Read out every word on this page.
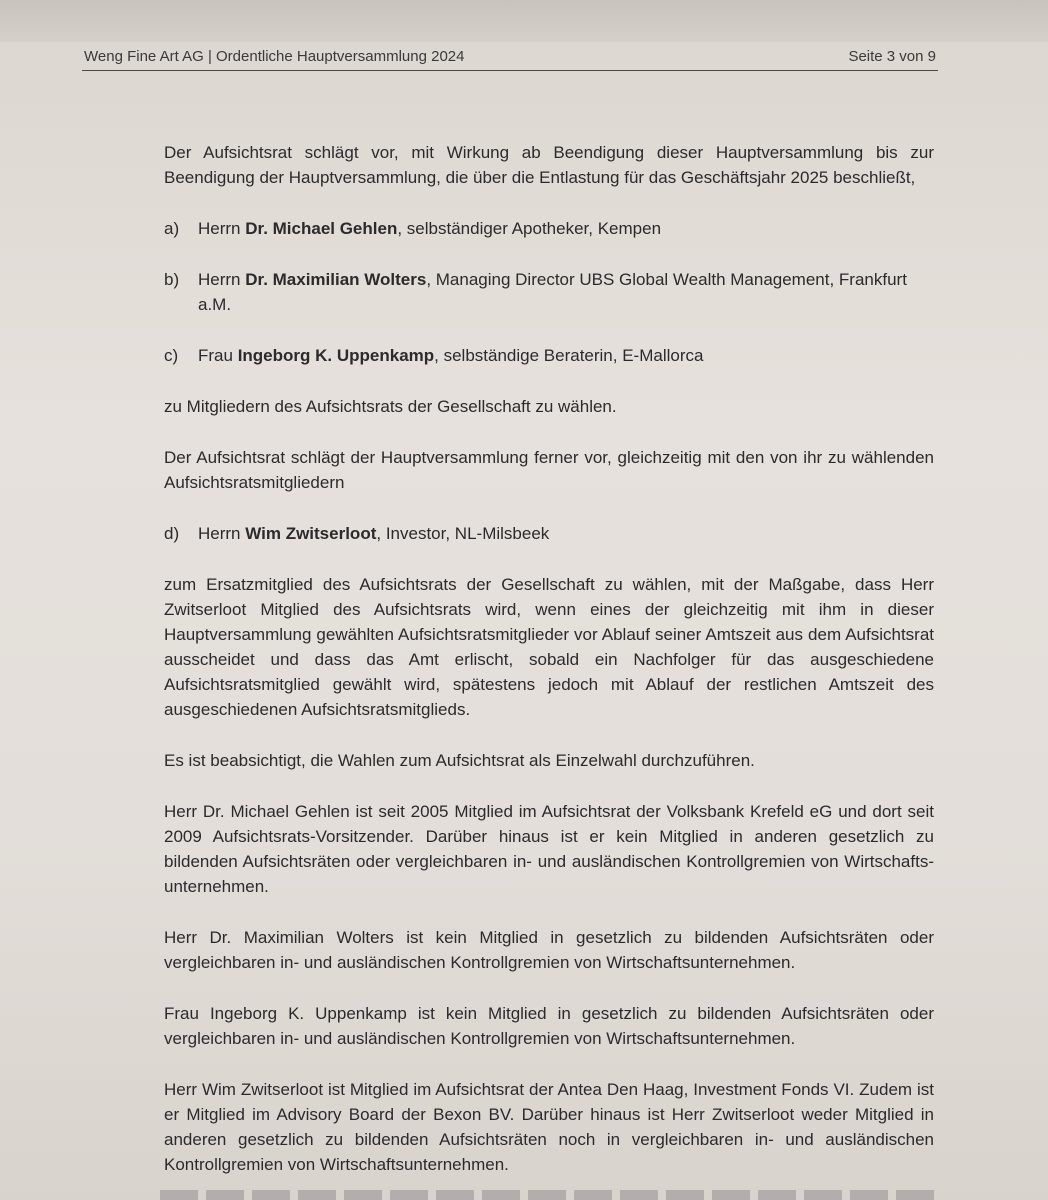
Weng Fine Art AG | Ordentliche Hauptversammlung 2024	Seite 3 von 9

Der Aufsichtsrat schlägt vor, mit Wirkung ab Beendigung dieser Hauptversammlung bis zur Beendigung der Hauptversammlung, die über die Entlastung für das Geschäftsjahr 2025 beschließt,

a)	Herrn Dr. Michael Gehlen, selbständiger Apotheker, Kempen

b)	Herrn Dr. Maximilian Wolters, Managing Director UBS Global Wealth Management, Frankfurt a.M.

c)	Frau Ingeborg K. Uppenkamp, selbständige Beraterin, E-Mallorca

zu Mitgliedern des Aufsichtsrats der Gesellschaft zu wählen.

Der Aufsichtsrat schlägt der Hauptversammlung ferner vor, gleichzeitig mit den von ihr zu wählenden Aufsichtsratsmitgliedern

d)	Herrn Wim Zwitserloot, Investor, NL-Milsbeek

zum Ersatzmitglied des Aufsichtsrats der Gesellschaft zu wählen, mit der Maßgabe, dass Herr Zwitserloot Mitglied des Aufsichtsrats wird, wenn eines der gleichzeitig mit ihm in dieser Hauptversammlung gewählten Aufsichtsratsmitglieder vor Ablauf seiner Amtszeit aus dem Aufsichtsrat ausscheidet und dass das Amt erlischt, sobald ein Nachfolger für das ausgeschiedene Aufsichtsratsmitglied gewählt wird, spätestens jedoch mit Ablauf der restlichen Amtszeit des ausgeschiedenen Aufsichtsratsmitglieds.

Es ist beabsichtigt, die Wahlen zum Aufsichtsrat als Einzelwahl durchzuführen.

Herr Dr. Michael Gehlen ist seit 2005 Mitglied im Aufsichtsrat der Volksbank Krefeld eG und dort seit 2009 Aufsichtsrats-Vorsitzender. Darüber hinaus ist er kein Mitglied in anderen gesetzlich zu bildenden Aufsichtsräten oder vergleichbaren in- und ausländischen Kontrollgremien von Wirtschafts-unternehmen.

Herr Dr. Maximilian Wolters ist kein Mitglied in gesetzlich zu bildenden Aufsichtsräten oder vergleichbaren in- und ausländischen Kontrollgremien von Wirtschaftsunternehmen.

Frau Ingeborg K. Uppenkamp ist kein Mitglied in gesetzlich zu bildenden Aufsichtsräten oder vergleichbaren in- und ausländischen Kontrollgremien von Wirtschaftsunternehmen.

Herr Wim Zwitserloot ist Mitglied im Aufsichtsrat der Antea Den Haag, Investment Fonds VI. Zudem ist er Mitglied im Advisory Board der Bexon BV. Darüber hinaus ist Herr Zwitserloot weder Mitglied in anderen gesetzlich zu bildenden Aufsichtsräten noch in vergleichbaren in- und ausländischen Kontrollgremien von Wirtschaftsunternehmen.
